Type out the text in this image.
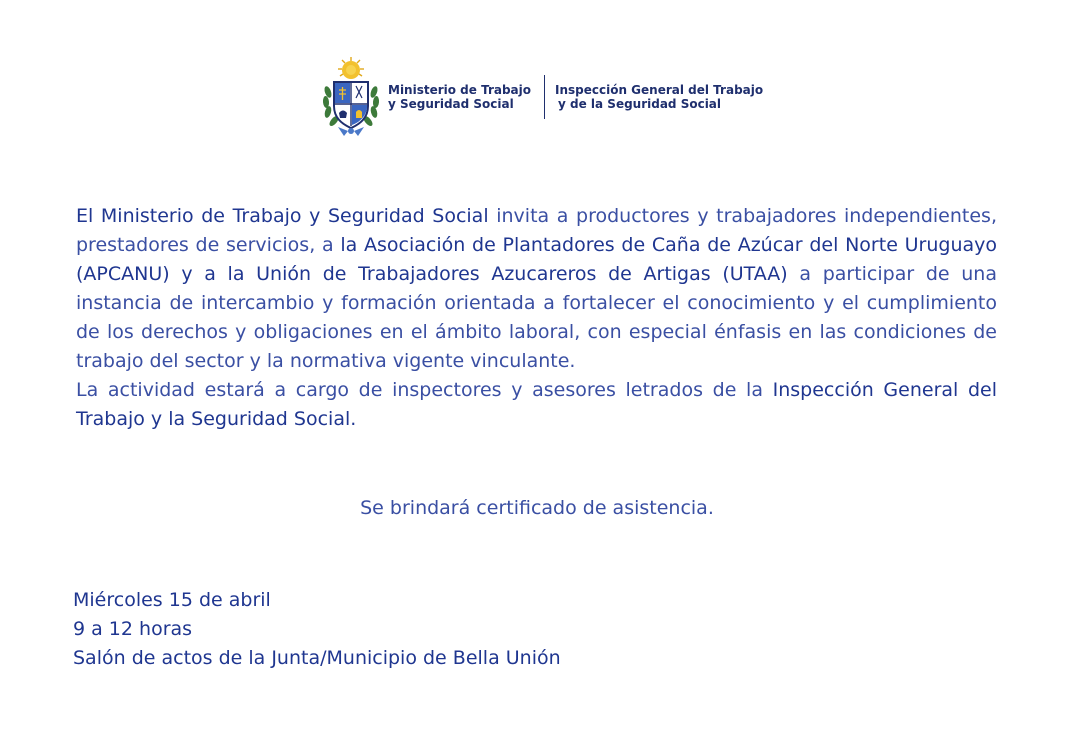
Ministerio de Trabajo
y Seguridad Social
Inspección General del Trabajo
y de la Seguridad Social

El Ministerio de Trabajo y Seguridad Social invita a productores y trabajadores independientes, prestadores de servicios, a la Asociación de Plantadores de Caña de Azúcar del Norte Uruguayo (APCANU) y a la Unión de Trabajadores Azucareros de Artigas (UTAA) a participar de una instancia de intercambio y formación orientada a fortalecer el conocimiento y el cumplimiento de los derechos y obligaciones en el ámbito laboral, con especial énfasis en las condiciones de trabajo del sector y la normativa vigente vinculante.

La actividad estará a cargo de inspectores y asesores letrados de la Inspección General del Trabajo y la Seguridad Social.

Se brindará certificado de asistencia.
Miércoles 15 de abril
9 a 12 horas
Salón de actos de la Junta/Municipio de Bella Unión
